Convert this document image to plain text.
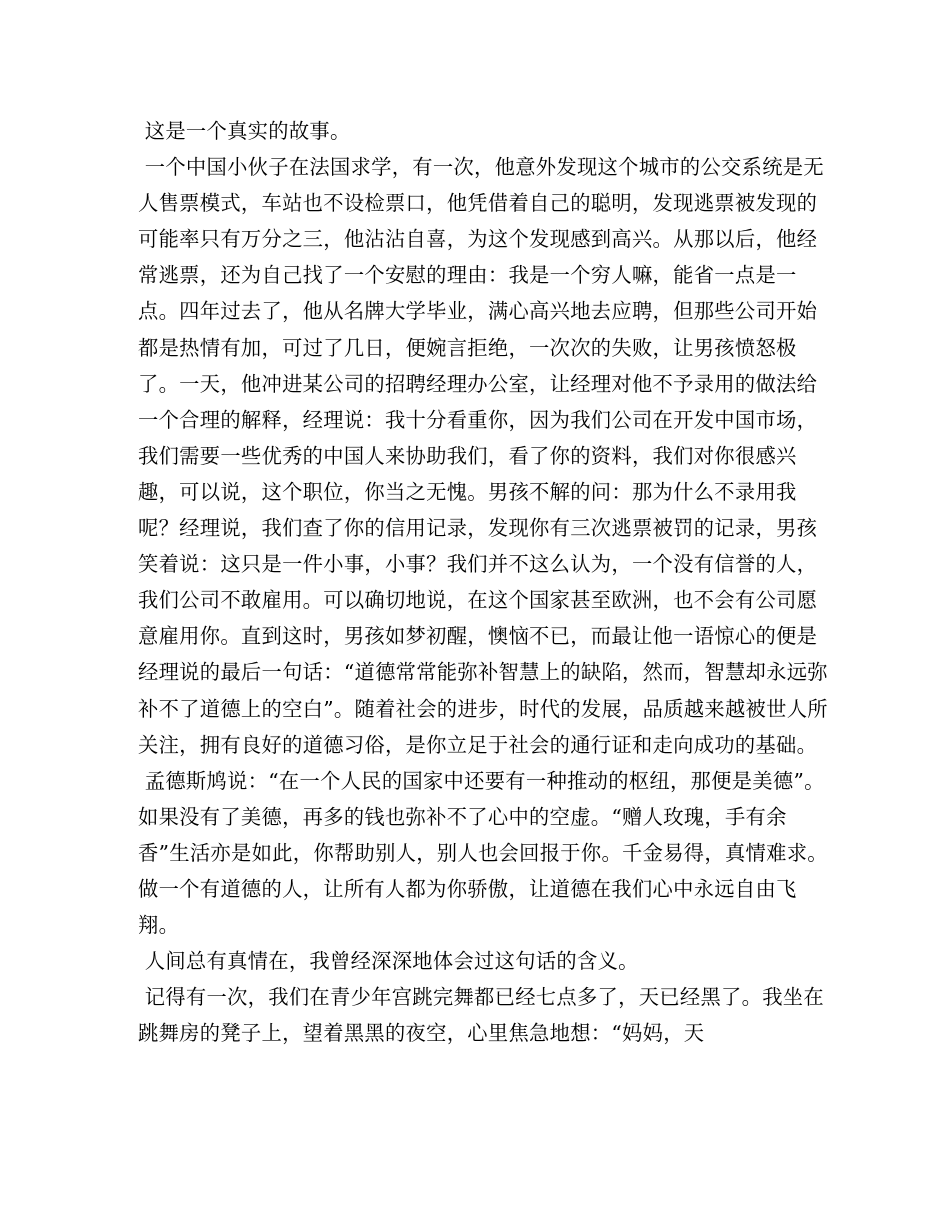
这是一个真实的故事。

一个中国小伙子在法国求学，有一次，他意外发现这个城市的公交系统是无人售票模式，车站也不设检票口，他凭借着自己的聪明，发现逃票被发现的可能率只有万分之三，他沾沾自喜，为这个发现感到高兴。从那以后，他经常逃票，还为自己找了一个安慰的理由：我是一个穷人嘛，能省一点是一点。四年过去了，他从名牌大学毕业，满心高兴地去应聘，但那些公司开始都是热情有加，可过了几日，便婉言拒绝，一次次的失败，让男孩愤怒极了。一天，他冲进某公司的招聘经理办公室，让经理对他不予录用的做法给一个合理的解释，经理说：我十分看重你，因为我们公司在开发中国市场，我们需要一些优秀的中国人来协助我们，看了你的资料，我们对你很感兴趣，可以说，这个职位，你当之无愧。男孩不解的问：那为什么不录用我呢？经理说，我们查了你的信用记录，发现你有三次逃票被罚的记录，男孩笑着说：这只是一件小事，小事？我们并不这么认为，一个没有信誉的人，我们公司不敢雇用。可以确切地说，在这个国家甚至欧洲，也不会有公司愿意雇用你。直到这时，男孩如梦初醒，懊恼不已，而最让他一语惊心的便是经理说的最后一句话：“道德常常能弥补智慧上的缺陷，然而，智慧却永远弥补不了道德上的空白”。随着社会的进步，时代的发展，品质越来越被世人所关注，拥有良好的道德习俗，是你立足于社会的通行证和走向成功的基础。

孟德斯鸠说：“在一个人民的国家中还要有一种推动的枢纽，那便是美德”。如果没有了美德，再多的钱也弥补不了心中的空虚。“赠人玫瑰，手有余香”生活亦是如此，你帮助别人，别人也会回报于你。千金易得，真情难求。做一个有道德的人，让所有人都为你骄傲，让道德在我们心中永远自由飞翔。

人间总有真情在，我曾经深深地体会过这句话的含义。

记得有一次，我们在青少年宫跳完舞都已经七点多了，天已经黑了。我坐在跳舞房的凳子上，望着黑黑的夜空，心里焦急地想：“妈妈，天
